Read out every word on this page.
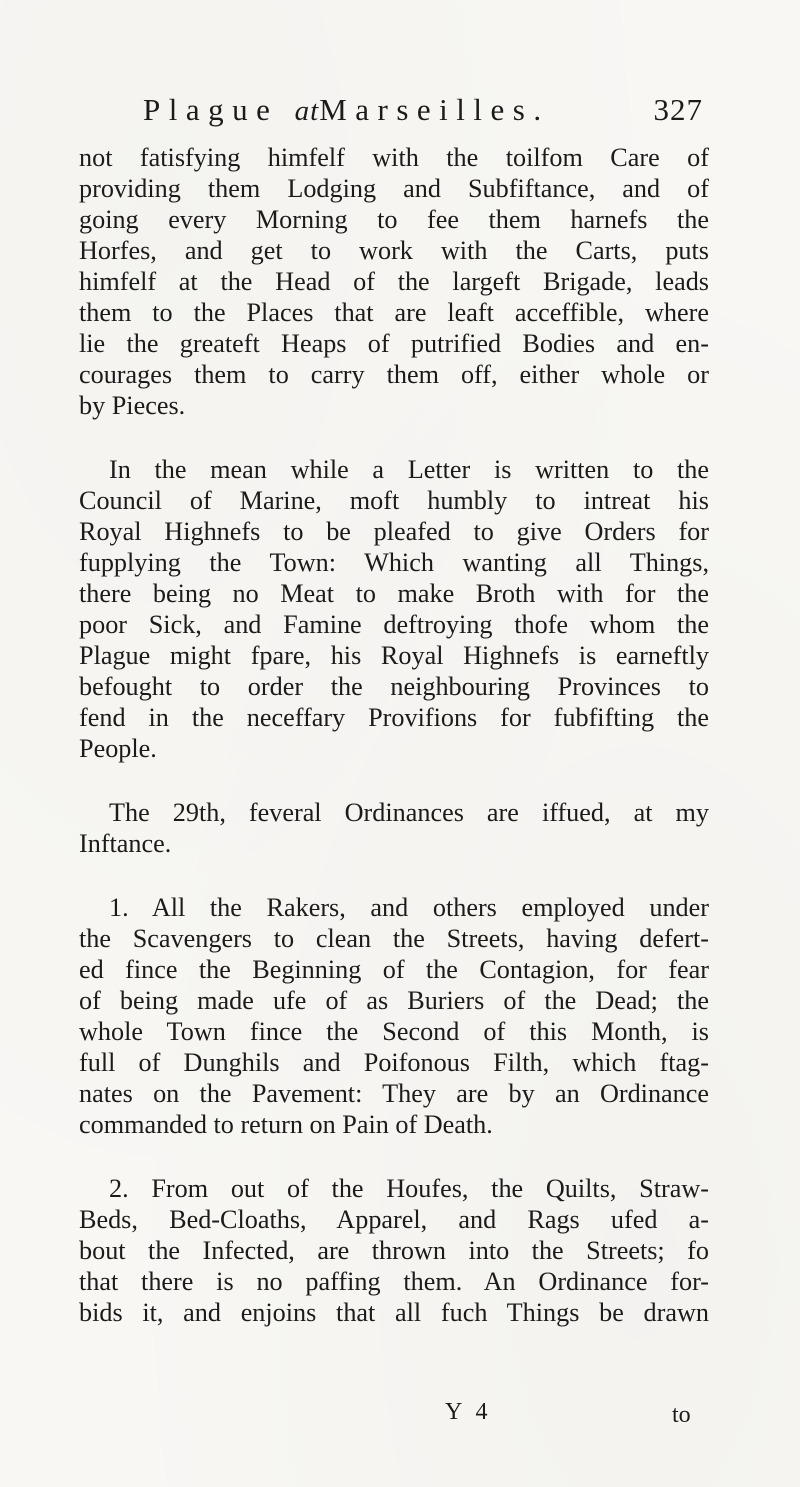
Plague atMarseilles.	327
not fatisfying himfelf with the toilfom Care of
providing them Lodging and Subfiftance, and of
going every Morning to fee them harnefs the
Horfes, and get to work with the Carts, puts
himfelf at the Head of the largeft Brigade, leads
them to the Places that are leaft acceffible, where
lie the greateft Heaps of putrified Bodies and en-
courages them to carry them off, either whole or
by Pieces.
In the mean while a Letter is written to the
Council of Marine, moft humbly to intreat his
Royal Highnefs to be pleafed to give Orders for
fupplying the Town: Which wanting all Things,
there being no Meat to make Broth with for the
poor Sick, and Famine deftroying thofe whom the
Plague might fpare, his Royal Highnefs is earneftly
befought to order the neighbouring Provinces to
fend in the neceffary Provifions for fubfifting the
People.
The 29th, feveral Ordinances are iffued, at my
Inftance.
1. All the Rakers, and others employed under
the Scavengers to clean the Streets, having defert-
ed fince the Beginning of the Contagion, for fear
of being made ufe of as Buriers of the Dead; the
whole Town fince the Second of this Month, is
full of Dunghils and Poifonous Filth, which ftag-
nates on the Pavement: They are by an Ordinance
commanded to return on Pain of Death.
2. From out of the Houfes, the Quilts, Straw-
Beds, Bed-Cloaths, Apparel, and Rags ufed a-
bout the Infected, are thrown into the Streets; fo
that there is no paffing them. An Ordinance for-
bids it, and enjoins that all fuch Things be drawn
Y 4	to
